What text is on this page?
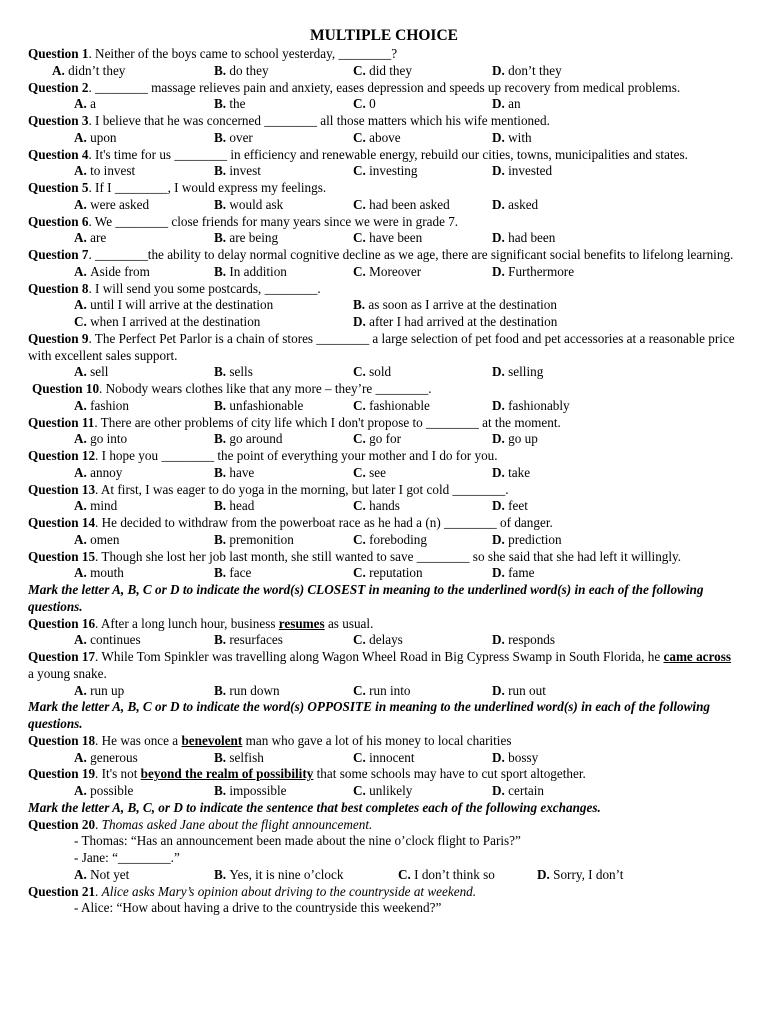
MULTIPLE CHOICE
Question 1. Neither of the boys came to school yesterday, ________?
A. didn’t they	B. do they	C. did they	D. don’t they
Question 2. ________ massage relieves pain and anxiety, eases depression and speeds up recovery from medical problems.
A. a	B. the	C. 0	D. an
Question 3. I believe that he was concerned ________ all those matters which his wife mentioned.
A. upon	B. over	C. above	D. with
Question 4. It's time for us ________ in efficiency and renewable energy, rebuild our cities, towns, municipalities and states.
A. to invest	B. invest	C. investing	D. invested
Question 5. If I ________, I would express my feelings.
A. were asked	B. would ask	C. had been asked	D. asked
Question 6. We ________ close friends for many years since we were in grade 7.
A. are	B. are being	C. have been	D. had been
Question 7. ________the ability to delay normal cognitive decline as we age, there are significant social benefits to lifelong learning.
A. Aside from	B. In addition	C. Moreover	D. Furthermore
Question 8. I will send you some postcards, ________.
A. until I will arrive at the destination	B. as soon as I arrive at the destination
C. when I arrived at the destination	D. after I had arrived at the destination
Question 9. The Perfect Pet Parlor is a chain of stores ________ a large selection of pet food and pet accessories at a reasonable price with excellent sales support.
A. sell	B. sells	C. sold	D. selling
Question 10. Nobody wears clothes like that any more – they’re ________.
A. fashion	B. unfashionable	C. fashionable	D. fashionably
Question 11. There are other problems of city life which I don't propose to ________ at the moment.
A. go into	B. go around	C. go for	D. go up
Question 12. I hope you ________ the point of everything your mother and I do for you.
A. annoy	B. have	C. see	D. take
Question 13. At first, I was eager to do yoga in the morning, but later I got cold ________.
A. mind	B. head	C. hands	D. feet
Question 14. He decided to withdraw from the powerboat race as he had a (n) ________ of danger.
A. omen	B. premonition	C. foreboding	D. prediction
Question 15. Though she lost her job last month, she still wanted to save ________ so she said that she had left it willingly.
A. mouth	B. face	C. reputation	D. fame
Mark the letter A, B, C or D to indicate the word(s) CLOSEST in meaning to the underlined word(s) in each of the following questions.
Question 16. After a long lunch hour, business resumes as usual.
A. continues	B. resurfaces	C. delays	D. responds
Question 17. While Tom Spinkler was travelling along Wagon Wheel Road in Big Cypress Swamp in South Florida, he came across a young snake.
A. run up	B. run down	C. run into	D. run out
Mark the letter A, B, C or D to indicate the word(s) OPPOSITE in meaning to the underlined word(s) in each of the following questions.
Question 18. He was once a benevolent man who gave a lot of his money to local charities
A. generous	B. selfish	C. innocent	D. bossy
Question 19. It's not beyond the realm of possibility that some schools may have to cut sport altogether.
A. possible	B. impossible	C. unlikely	D. certain
Mark the letter A, B, C, or D to indicate the sentence that best completes each of the following exchanges.
Question 20. Thomas asked Jane about the flight announcement.
- Thomas: “Has an announcement been made about the nine o’clock flight to Paris?”
- Jane: “________.”
A. Not yet	B. Yes, it is nine o’clock	C. I don’t think so	D. Sorry, I don’t
Question 21. Alice asks Mary’s opinion about driving to the countryside at weekend.
- Alice: “How about having a drive to the countryside this weekend?”
